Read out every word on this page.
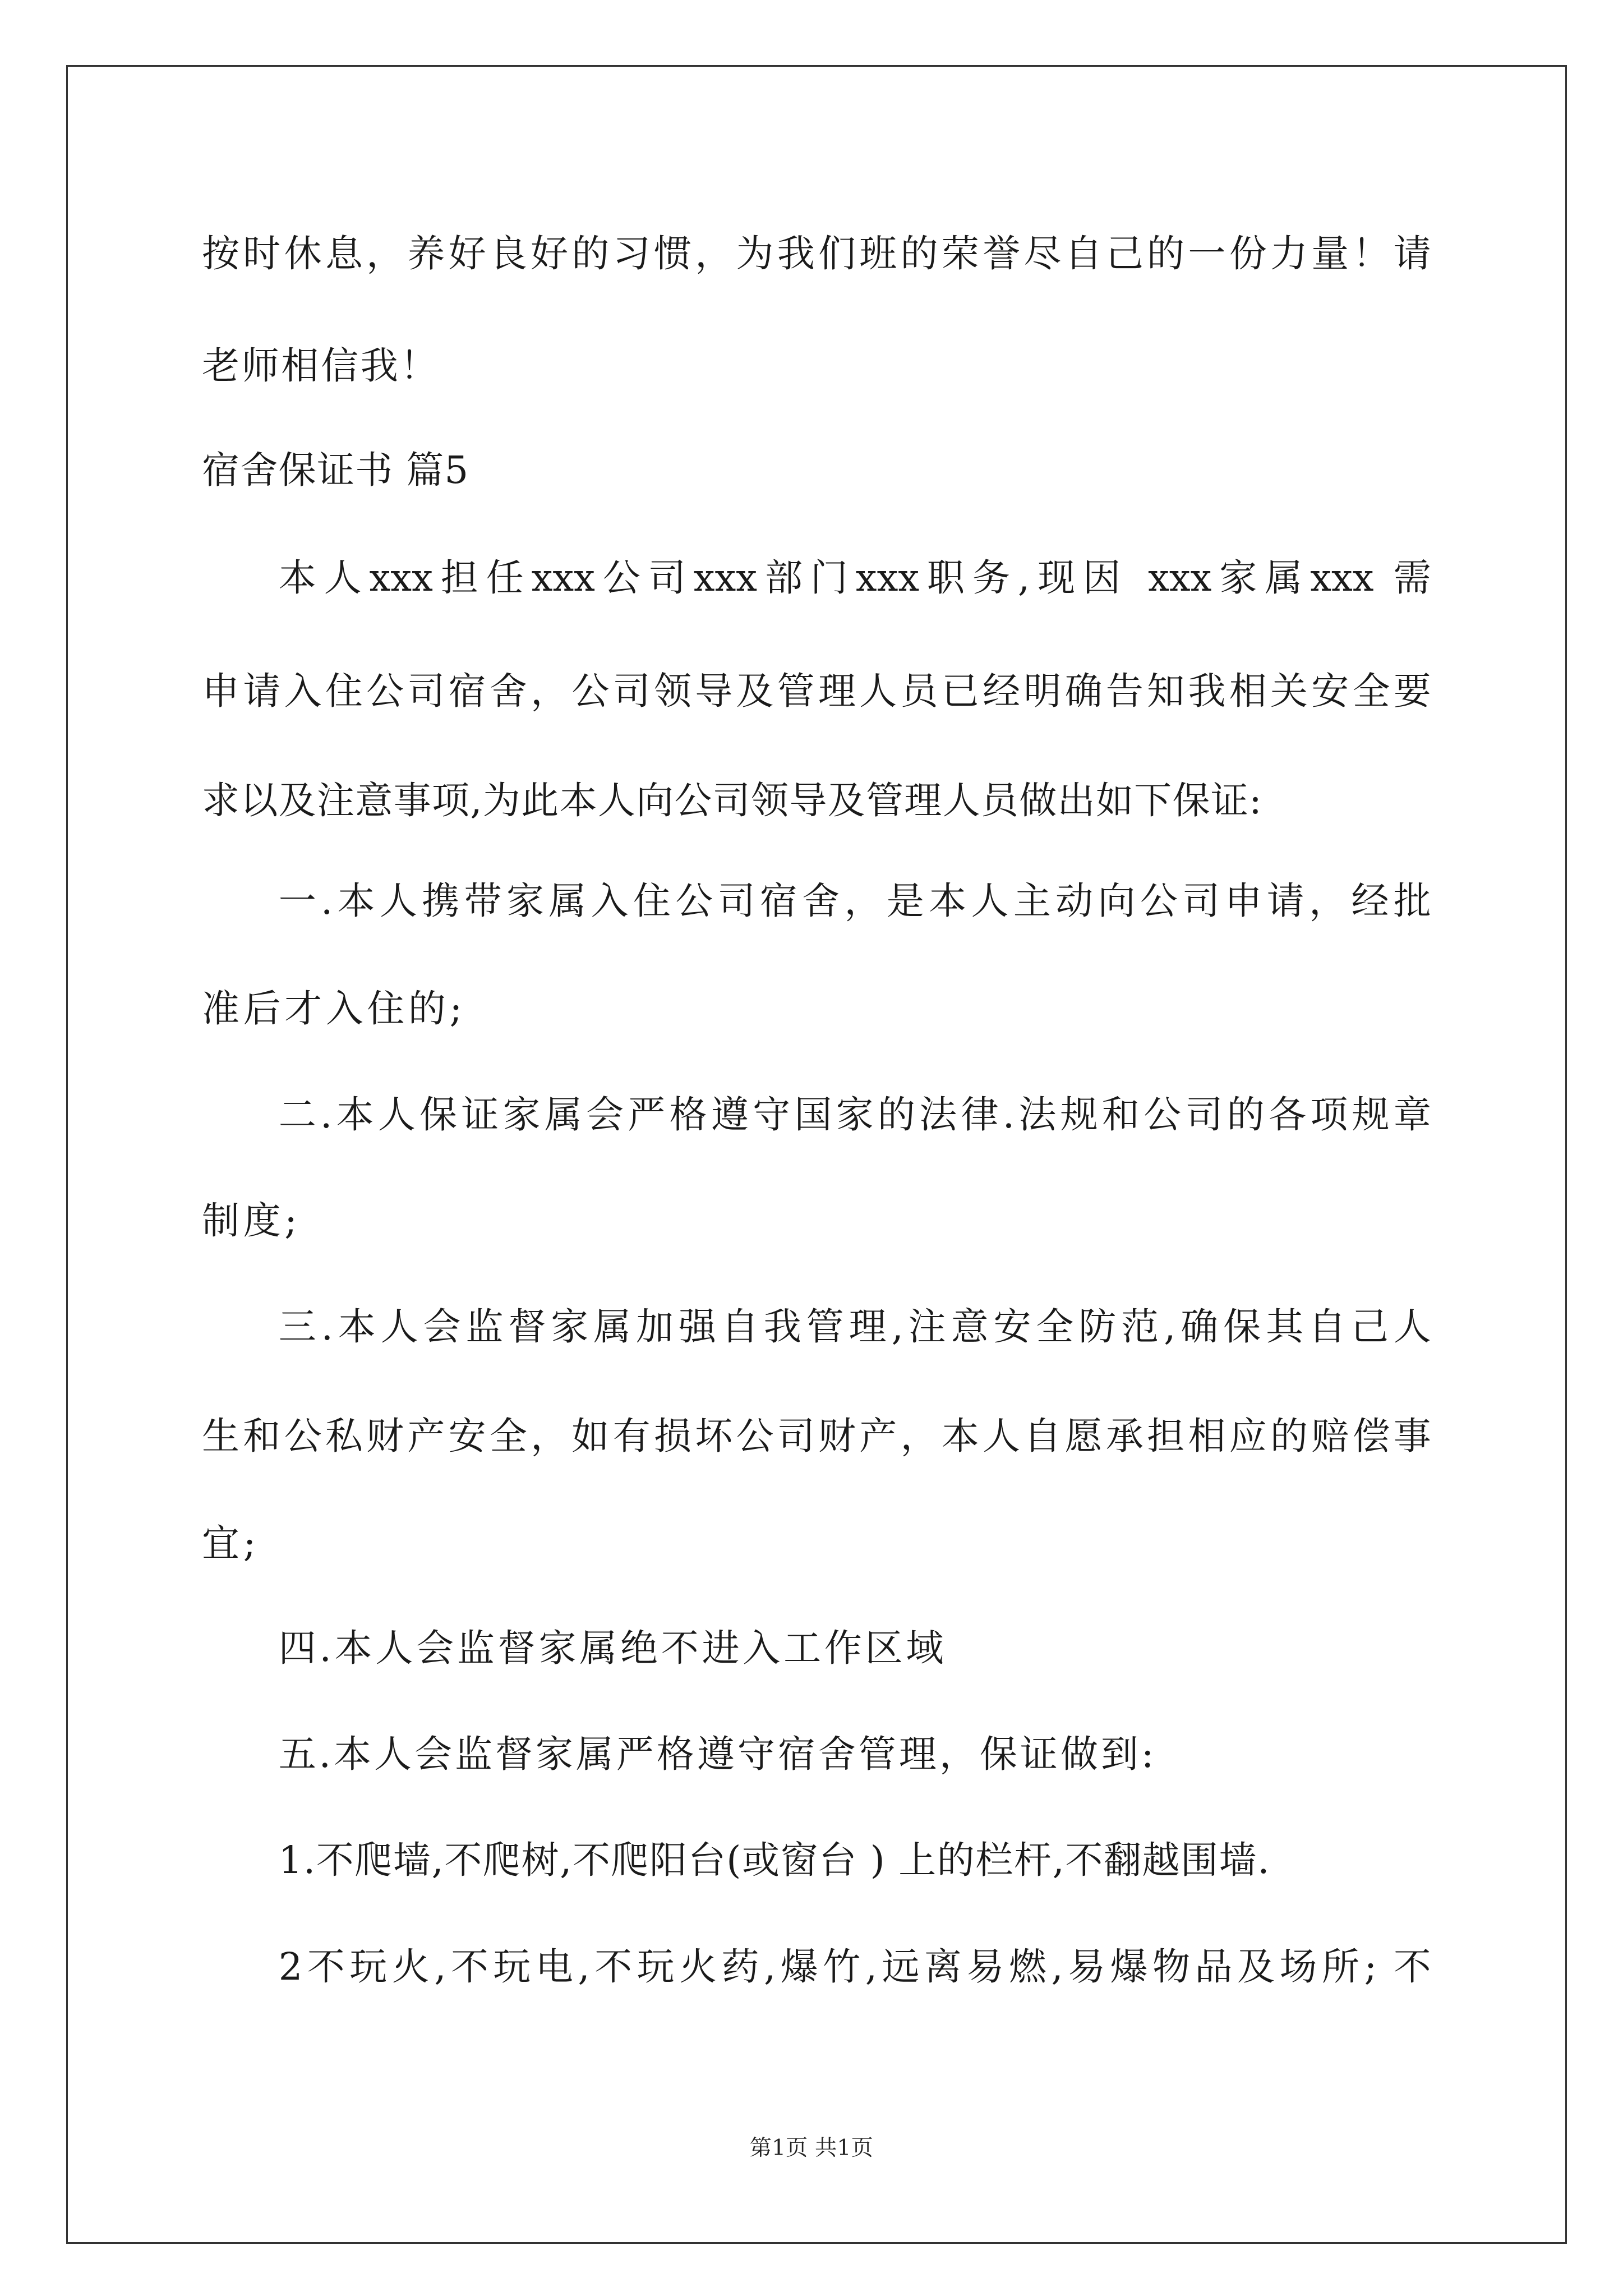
按时休息，养好良好的习惯，为我们班的荣誉尽自己的一份力量！请
老师相信我！
宿舍保证书 篇5
本人xxx担任xxx公司xxx部门xxx职务,现因 xxx家属xxx 需
申请入住公司宿舍，公司领导及管理人员已经明确告知我相关安全要
求以及注意事项,为此本人向公司领导及管理人员做出如下保证:
一.本人携带家属入住公司宿舍，是本人主动向公司申请，经批
准后才入住的;
二.本人保证家属会严格遵守国家的法律.法规和公司的各项规章
制度;
三.本人会监督家属加强自我管理,注意安全防范,确保其自己人
生和公私财产安全，如有损坏公司财产，本人自愿承担相应的赔偿事
宜;
四.本人会监督家属绝不进入工作区域
五.本人会监督家属严格遵守宿舍管理，保证做到:
1.不爬墙,不爬树,不爬阳台(或窗台 ) 上的栏杆,不翻越围墙.
2不玩火,不玩电,不玩火药,爆竹,远离易燃,易爆物品及场所; 不
第1页 共1页
